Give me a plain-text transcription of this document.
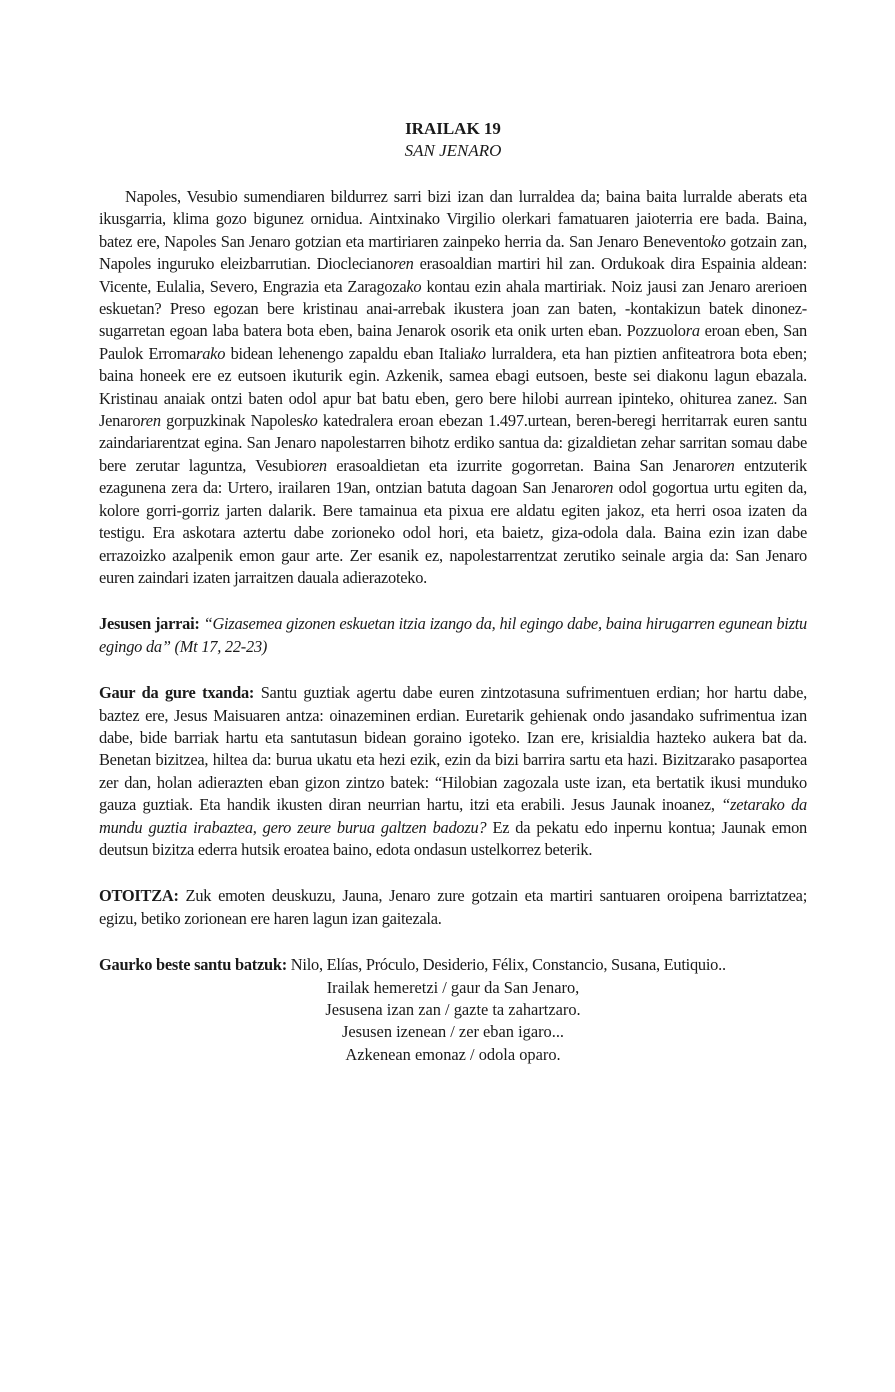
IRAILAK 19

SAN JENARO

Napoles, Vesubio sumendiaren bildurrez sarri bizi izan dan lurraldea da; baina baita lurralde aberats eta ikusgarria, klima gozo bigunez ornidua. Aintxinako Virgilio olerkari famatuaren jaioterria ere bada. Baina, batez ere, Napoles San Jenaro gotzian eta martiriaren zainpeko herria da. San Jenaro Beneventoko gotzain zan, Napoles inguruko eleizbarrutian. Dioclecianoren erasoaldian martiri hil zan. Ordukoak dira Espainia aldean: Vicente, Eulalia, Severo, Engrazia eta Zaragozako kontau ezin ahala martiriak. Noiz jausi zan Jenaro arerioen eskuetan? Preso egozan bere kristinau anai-arrebak ikustera joan zan baten, -kontakizun batek dinonez- sugarretan egoan laba batera bota eben, baina Jenarok osorik eta onik urten eban. Pozzuolora eroan eben, San Paulok Erromarako bidean lehenengo zapaldu eban Italiako lurraldera, eta han piztien anfiteatrora bota eben; baina honeek ere ez eutsoen ikuturik egin. Azkenik, samea ebagi eutsoen, beste sei diakonu lagun ebazala. Kristinau anaiak ontzi baten odol apur bat batu eben, gero bere hilobi aurrean ipinteko, ohiturea zanez. San Jenaroren gorpuzkinak Napolesko katedralera eroan ebezan 1.497.urtean, beren-beregi herritarrak euren santu zaindariarentzat egina. San Jenaro napolestarren bihotz erdiko santua da: gizaldietan zehar sarritan somau dabe bere zerutar laguntza, Vesubioren erasoaldietan eta izurrite gogorretan. Baina San Jenaroren entzuterik ezagunena zera da: Urtero, irailaren 19an, ontzian batuta dagoan San Jenaroren odol gogortua urtu egiten da, kolore gorri-gorriz jarten dalarik. Bere tamainua eta pixua ere aldatu egiten jakoz, eta herri osoa izaten da testigu. Era askotara aztertu dabe zorioneko odol hori, eta baietz, giza-odola dala. Baina ezin izan dabe errazoizko azalpenik emon gaur arte. Zer esanik ez, napolestarrentzat zerutiko seinale argia da: San Jenaro euren zaindari izaten jarraitzen dauala adierazoteko.

Jesusen jarrai: “Gizasemea gizonen eskuetan itzia izango da, hil egingo dabe, baina hirugarren egunean biztu egingo da” (Mt 17, 22-23)

Gaur da gure txanda: Santu guztiak agertu dabe euren zintzotasuna sufrimentuen erdian; hor hartu dabe, baztez ere, Jesus Maisuaren antza: oinazeminen erdian. Euretarik gehienak ondo jasandako sufrimentua izan dabe, bide barriak hartu eta santutasun bidean goraino igoteko. Izan ere, krisialdia hazteko aukera bat da. Benetan bizitzea, hiltea da: burua ukatu eta hezi ezik, ezin da bizi barrira sartu eta hazi. Bizitzarako pasaportea zer dan, holan adierazten eban gizon zintzo batek: “Hilobian zagozala uste izan, eta bertatik ikusi munduko gauza guztiak. Eta handik ikusten diran neurrian hartu, itzi eta erabili. Jesus Jaunak inoanez, “zetarako da mundu guztia irabaztea, gero zeure burua galtzen badozu? Ez da pekatu edo inpernu kontua; Jaunak emon deutsun bizitza ederra hutsik eroatea baino, edota ondasun ustelkorrez beterik.

OTOITZA: Zuk emoten deuskuzu, Jauna, Jenaro zure gotzain eta martiri santuaren oroipena barriztatzea; egizu, betiko zorionean ere haren lagun izan gaitezala.

Gaurko beste santu batzuk: Nilo, Elías, Próculo, Desiderio, Félix, Constancio, Susana, Eutiquio..

Irailak hemeretzi / gaur da San Jenaro,

Jesusena izan zan / gazte ta zahartzaro.

Jesusen izenean / zer eban igaro...

Azkenean emonaz / odola oparo.
